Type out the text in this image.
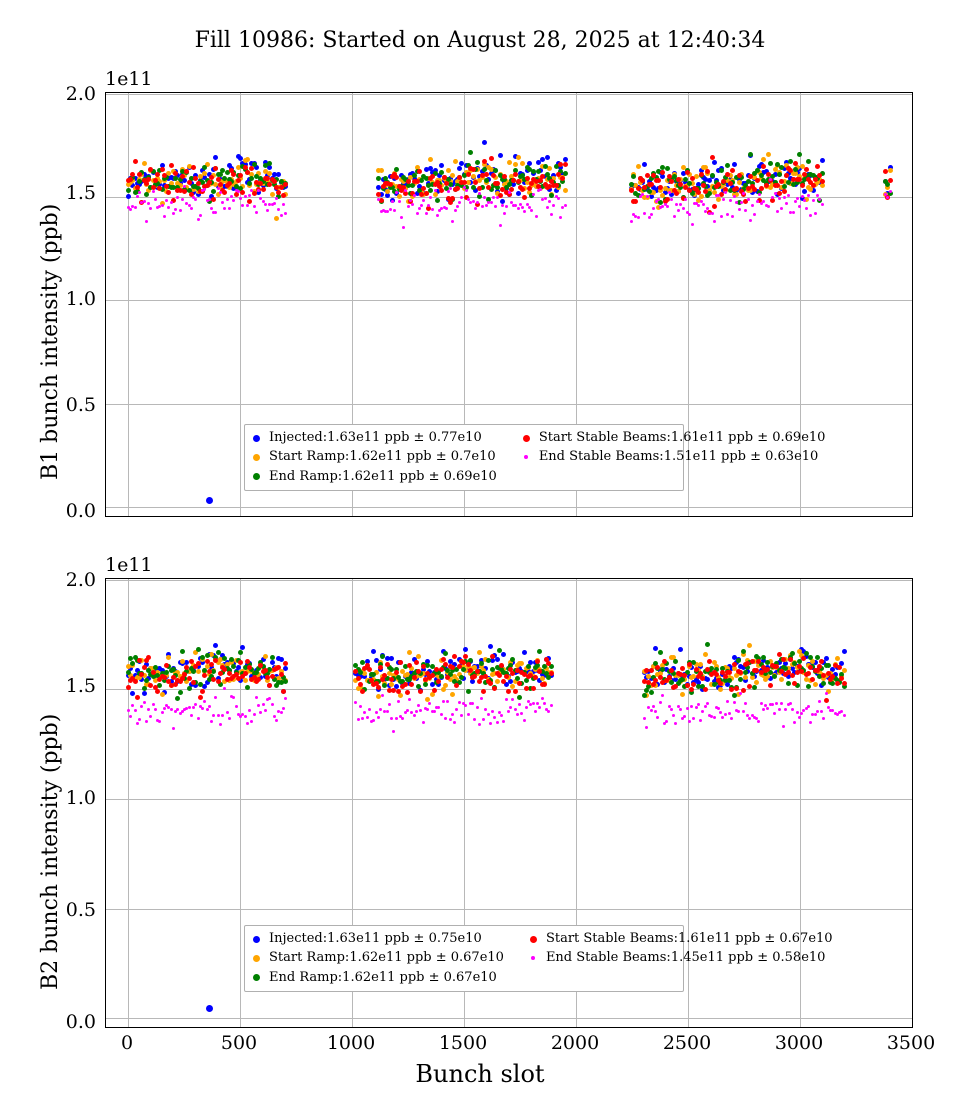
Fill 10986: Started on August 28, 2025 at 12:40:34
1e11
B1 bunch intensity (ppb)
0.0
0.5
1.0
1.5
2.0
Injected:1.63e11 ppb ± 0.77e10	Start Stable Beams:1.61e11 ppb ± 0.69e10
Start Ramp:1.62e11 ppb ± 0.7e10	End Stable Beams:1.51e11 ppb ± 0.63e10
End Ramp:1.62e11 ppb ± 0.69e10
1e11
B2 bunch intensity (ppb)
0.0
0.5
1.0
1.5
2.0
Injected:1.63e11 ppb ± 0.75e10	Start Stable Beams:1.61e11 ppb ± 0.67e10
Start Ramp:1.62e11 ppb ± 0.67e10	End Stable Beams:1.45e11 ppb ± 0.58e10
End Ramp:1.62e11 ppb ± 0.67e10
0	500	1000	1500	2000	2500	3000	3500
Bunch slot
